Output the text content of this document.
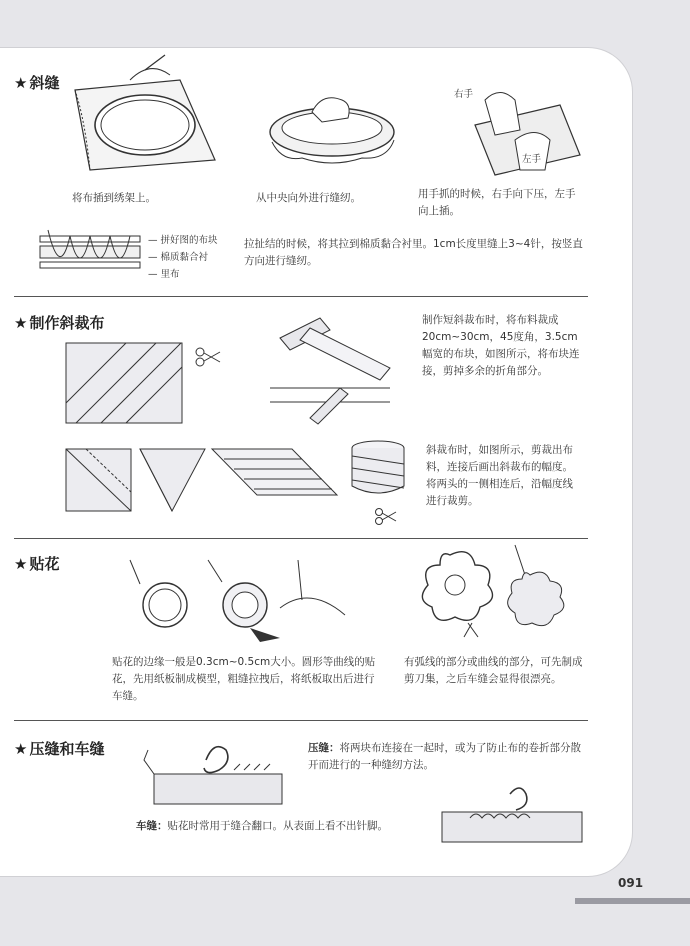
★ 斜缝
右手
左手
将布插到绣架上。	从中央向外进行缝纫。	用手抓的时候，右手向下压，左手向上插。
— 拼好图的布块
— 棉质黏合衬
— 里布
拉扯结的时候，将其拉到棉质黏合衬里。1cm长度里缝上3~4针，按竖直方向进行缝纫。
★ 制作斜裁布	制作短斜裁布时，将布料裁成20cm~30cm，45度角，3.5cm幅宽的布块，如图所示，将布块连接，剪掉多余的折角部分。
斜裁布时，如图所示，剪裁出布料，连接后画出斜裁布的幅度。将两头的一侧相连后，沿幅度线进行裁剪。
★ 贴花
贴花的边缘一般是0.3cm~0.5cm大小。圆形等曲线的贴花，先用纸板制成模型，粗缝拉拽后，将纸板取出后进行车缝。
有弧线的部分或曲线的部分，可先制成剪刀集，之后车缝会显得很漂亮。
★ 压缝和车缝	压缝：将两块布连接在一起时，或为了防止布的卷折部分散开而进行的一种缝纫方法。
车缝：贴花时常用于缝合翻口。从表面上看不出针脚。
091
